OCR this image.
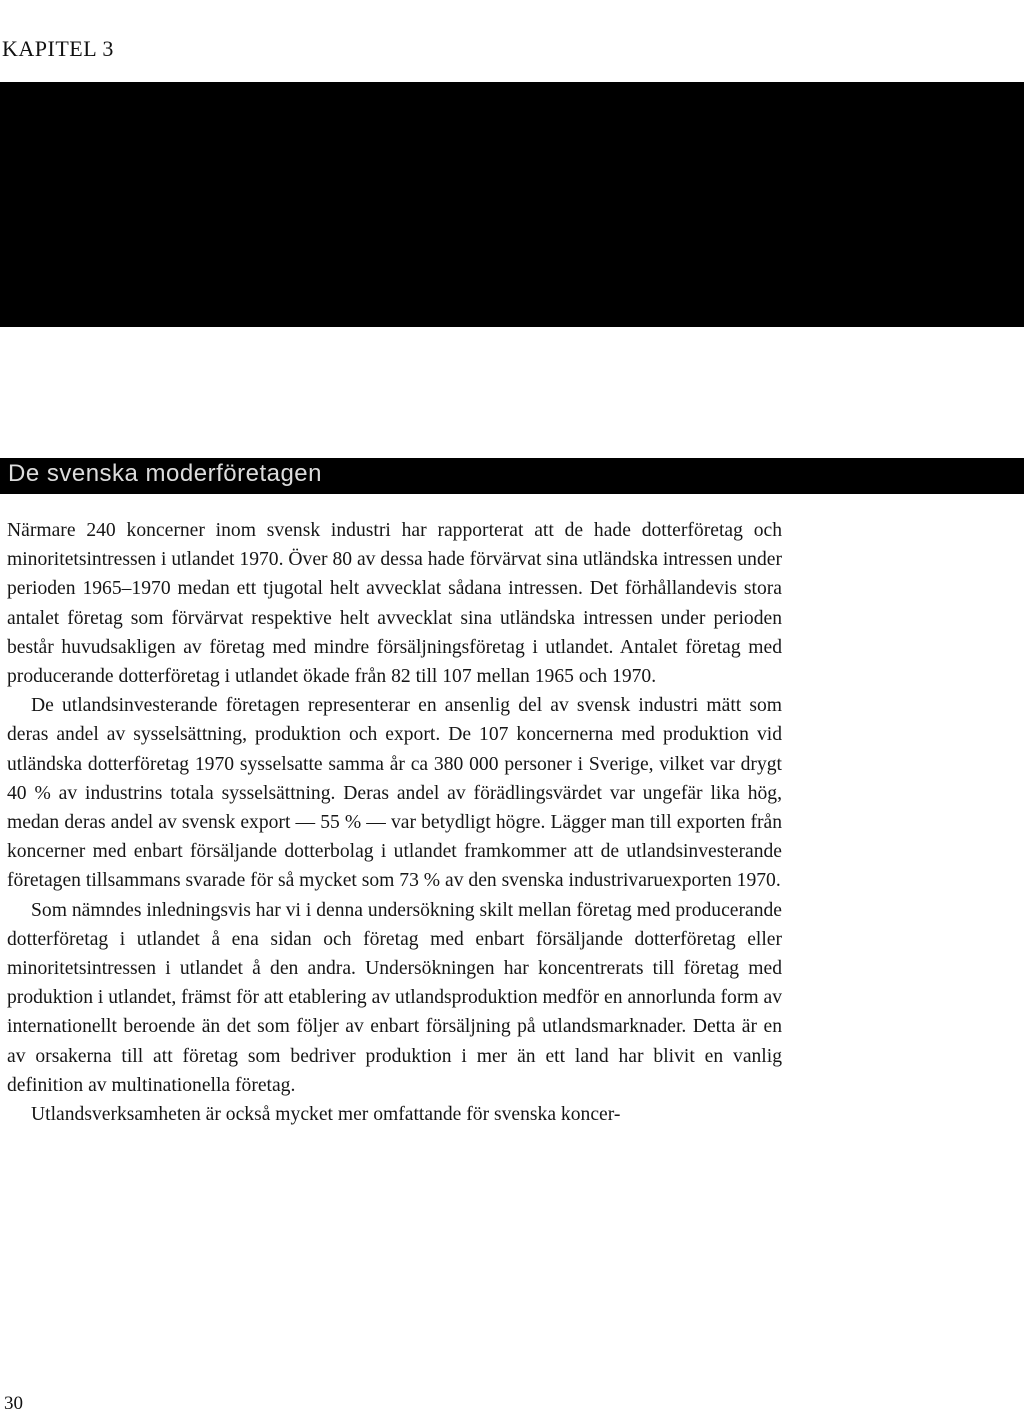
KAPITEL 3
De svenska moderföretagen

Närmare 240 koncerner inom svensk industri har rapporterat att de hade dotterföretag och minoritetsintressen i utlandet 1970. Över 80 av dessa hade förvärvat sina utländska intressen under perioden 1965–1970 medan ett tjugotal helt avvecklat sådana intressen. Det förhållandevis stora antalet företag som förvärvat respektive helt avvecklat sina utländska intressen under perioden består huvudsakligen av företag med mindre försäljningsföretag i utlandet. Antalet företag med producerande dotterföretag i utlandet ökade från 82 till 107 mellan 1965 och 1970.

De utlandsinvesterande företagen representerar en ansenlig del av svensk industri mätt som deras andel av sysselsättning, produktion och export. De 107 koncernerna med produktion vid utländska dotterföretag 1970 sysselsatte samma år ca 380 000 personer i Sverige, vilket var drygt 40 % av industrins totala sysselsättning. Deras andel av förädlingsvärdet var ungefär lika hög, medan deras andel av svensk export — 55 % — var betydligt högre. Lägger man till exporten från koncerner med enbart försäljande dotterbolag i utlandet framkommer att de utlandsinvesterande företagen tillsammans svarade för så mycket som 73 % av den svenska industrivaruexporten 1970.

Som nämndes inledningsvis har vi i denna undersökning skilt mellan företag med producerande dotterföretag i utlandet å ena sidan och företag med enbart försäljande dotterföretag eller minoritetsintressen i utlandet å den andra. Undersökningen har koncentrerats till företag med produktion i utlandet, främst för att etablering av utlandsproduktion medför en annorlunda form av internationellt beroende än det som följer av enbart försäljning på utlandsmarknader. Detta är en av orsakerna till att företag som bedriver produktion i mer än ett land har blivit en vanlig definition av multinationella företag.

Utlandsverksamheten är också mycket mer omfattande för svenska koncer-

30
